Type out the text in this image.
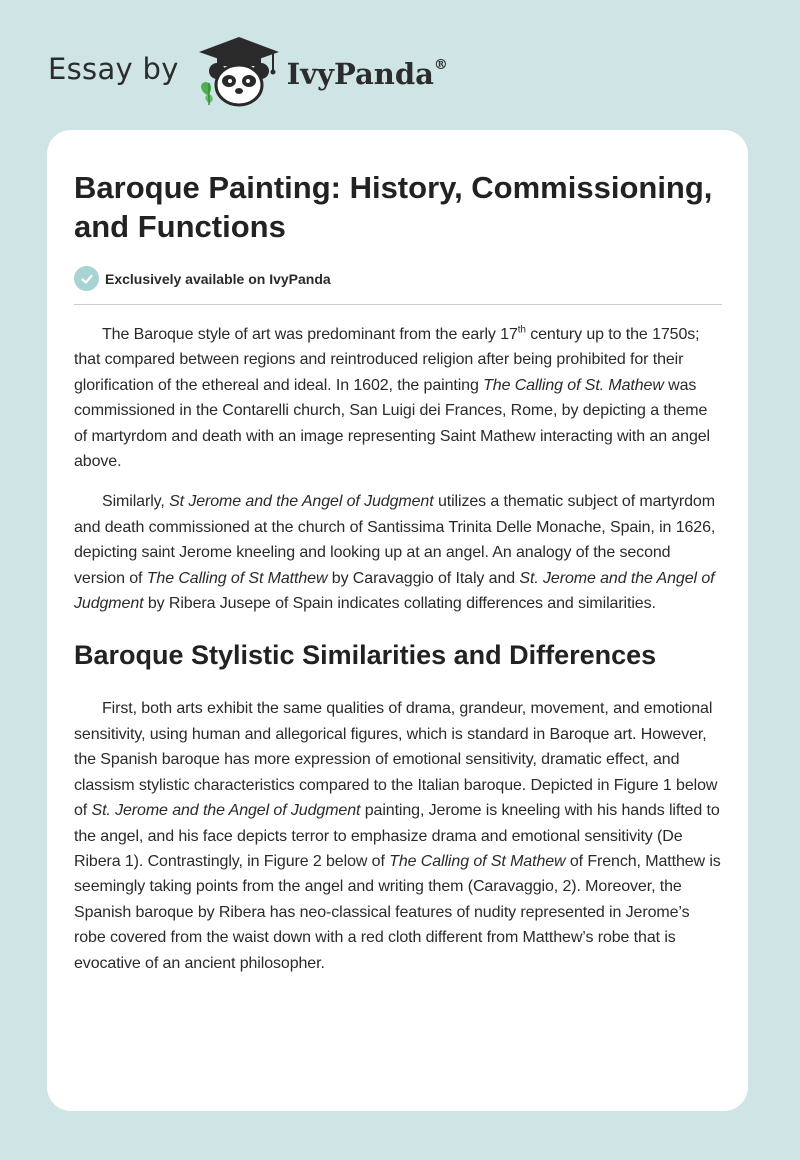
Essay by	IvyPanda®
Baroque Painting: History, Commissioning, and Functions
Exclusively available on IvyPanda

The Baroque style of art was predominant from the early 17th century up to the 1750s; that compared between regions and reintroduced religion after being prohibited for their glorification of the ethereal and ideal. In 1602, the painting The Calling of St. Mathew was commissioned in the Contarelli church, San Luigi dei Frances, Rome, by depicting a theme of martyrdom and death with an image representing Saint Mathew interacting with an angel above.

Similarly, St Jerome and the Angel of Judgment utilizes a thematic subject of martyrdom and death commissioned at the church of Santissima Trinita Delle Monache, Spain, in 1626, depicting saint Jerome kneeling and looking up at an angel. An analogy of the second version of The Calling of St Matthew by Caravaggio of Italy and St. Jerome and the Angel of Judgment by Ribera Jusepe of Spain indicates collating differences and similarities.

Baroque Stylistic Similarities and Differences

First, both arts exhibit the same qualities of drama, grandeur, movement, and emotional sensitivity, using human and allegorical figures, which is standard in Baroque art. However, the Spanish baroque has more expression of emotional sensitivity, dramatic effect, and classism stylistic characteristics compared to the Italian baroque. Depicted in Figure 1 below of St. Jerome and the Angel of Judgment painting, Jerome is kneeling with his hands lifted to the angel, and his face depicts terror to emphasize drama and emotional sensitivity (De Ribera 1). Contrastingly, in Figure 2 below of The Calling of St Mathew of French, Matthew is seemingly taking points from the angel and writing them (Caravaggio, 2). Moreover, the Spanish baroque by Ribera has neo-classical features of nudity represented in Jerome’s robe covered from the waist down with a red cloth different from Matthew’s robe that is evocative of an ancient philosopher.
